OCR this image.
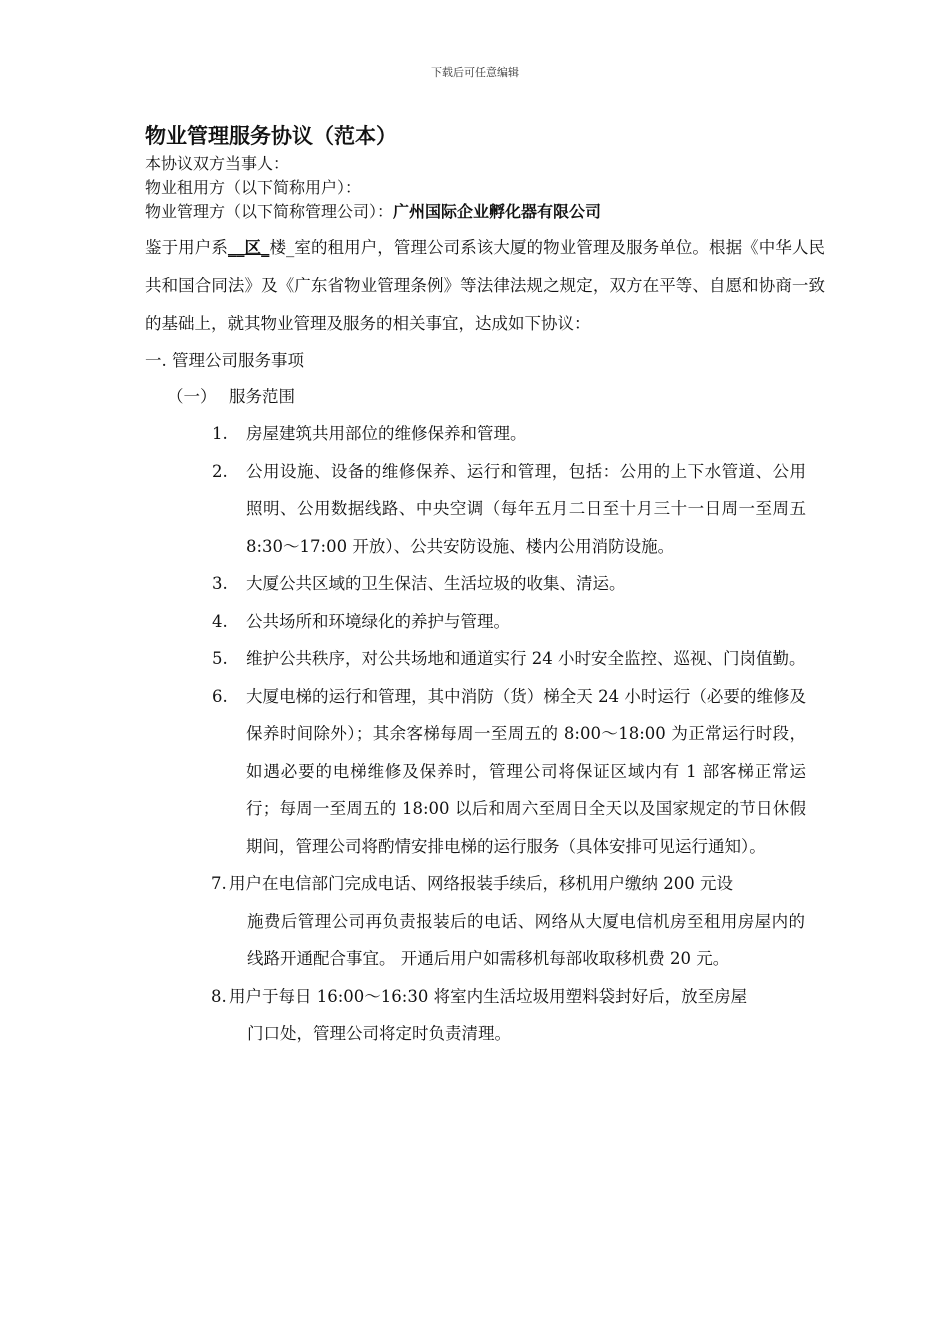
下载后可任意编辑
物业管理服务协议（范本）
本协议双方当事人：
物业租用方（以下简称用户）：
物业管理方（以下简称管理公司）：广州国际企业孵化器有限公司
鉴于用户系__区_楼_室的租用户，管理公司系该大厦的物业管理及服务单位。根据《中华人民共和国合同法》及《广东省物业管理条例》等法律法规之规定，双方在平等、自愿和协商一致的基础上，就其物业管理及服务的相关事宜，达成如下协议：
一. 管理公司服务事项
（一） 服务范围
1.	房屋建筑共用部位的维修保养和管理。
2.	公用设施、设备的维修保养、运行和管理，包括：公用的上下水管道、公用照明、公用数据线路、中央空调（每年五月二日至十月三十一日周一至周五 8:30～17:00 开放）、公共安防设施、楼内公用消防设施。
3.	大厦公共区域的卫生保洁、生活垃圾的收集、清运。
4.	公共场所和环境绿化的养护与管理。
5.	维护公共秩序，对公共场地和通道实行 24 小时安全监控、巡视、门岗值勤。
6.	大厦电梯的运行和管理，其中消防（货）梯全天 24 小时运行（必要的维修及保养时间除外）；其余客梯每周一至周五的 8:00～18:00 为正常运行时段，如遇必要的电梯维修及保养时，管理公司将保证区域内有 1 部客梯正常运行；每周一至周五的 18:00 以后和周六至周日全天以及国家规定的节日休假期间，管理公司将酌情安排电梯的运行服务（具体安排可见运行通知）。
7. 用户在电信部门完成电话、网络报装手续后，移机用户缴纳 200 元设
施费后管理公司再负责报装后的电话、网络从大厦电信机房至租用房屋内的线路开通配合事宜。 开通后用户如需移机每部收取移机费 20 元。
8. 用户于每日 16:00～16:30 将室内生活垃圾用塑料袋封好后，放至房屋
门口处，管理公司将定时负责清理。
